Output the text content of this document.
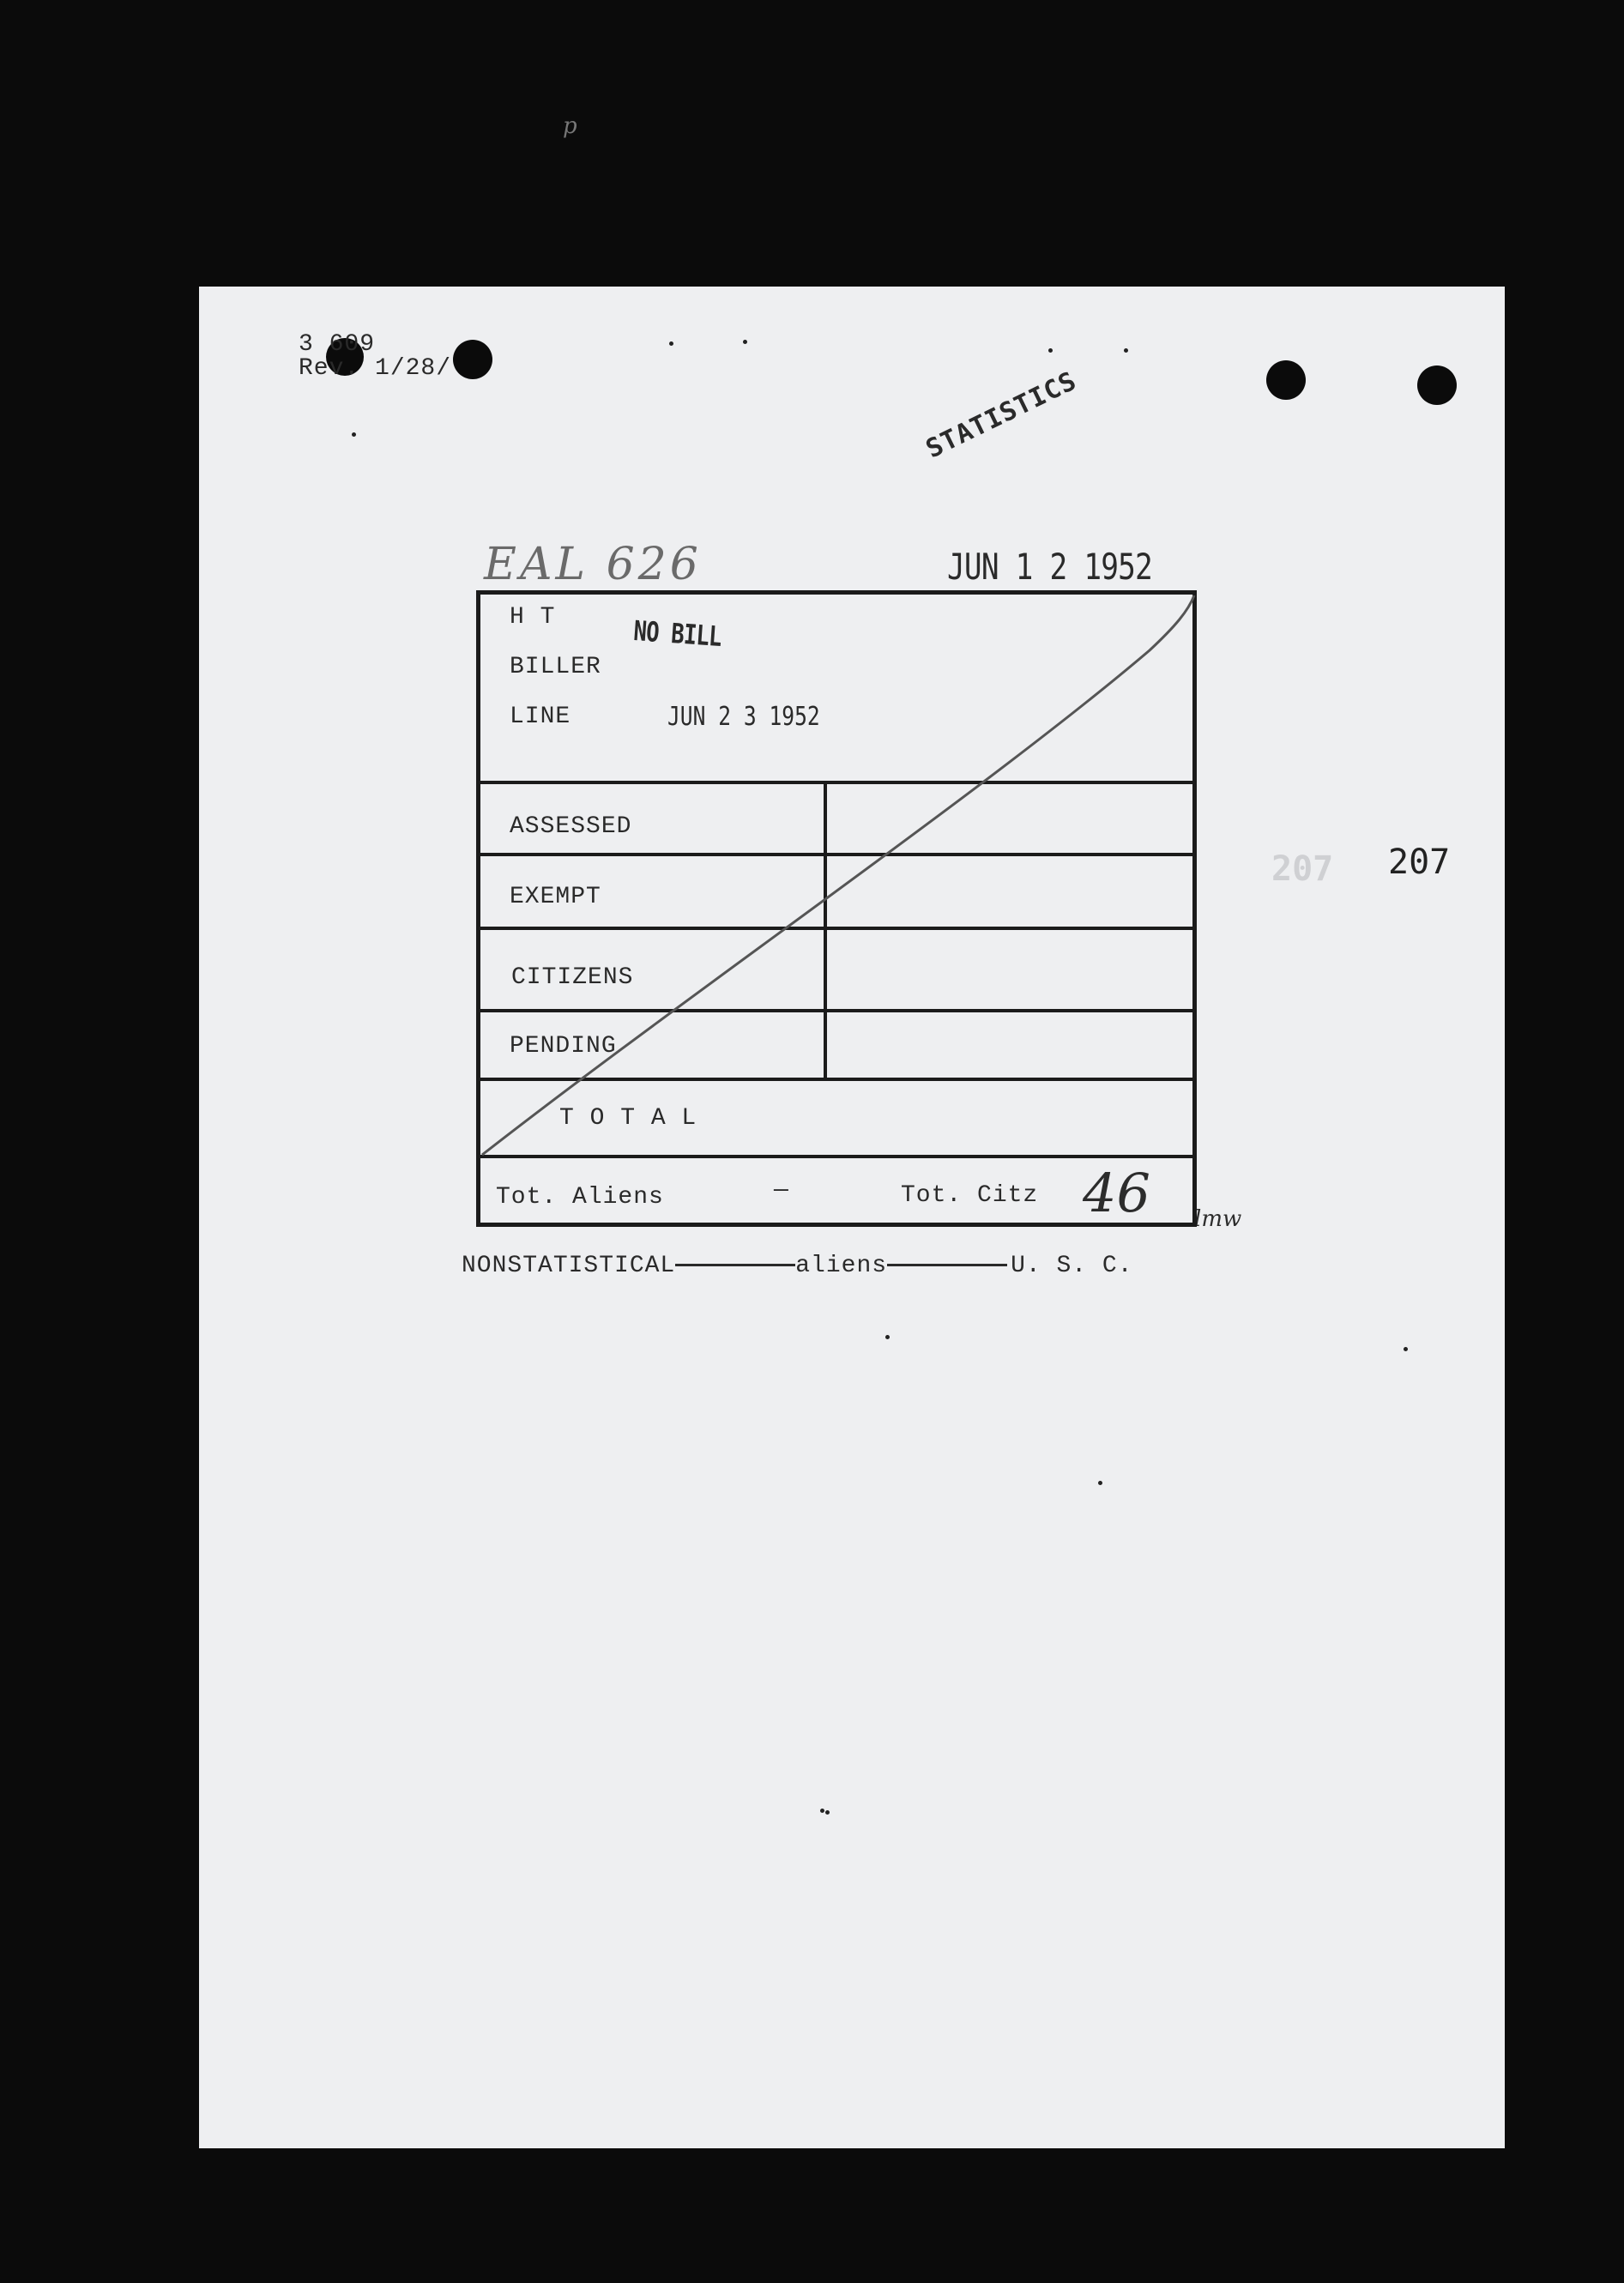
3 609
Rev. 1/28/	STATISTICS
EAL 626	JUN 1 2 1952
NO BILL
H T
BILLER
LINE	JUN 2 3 1952
ASSESSED
EXEMPT
CITIZENS
PENDING
T O T A L
Tot. Aliens	—	Tot. Citz 46 lmw
NONSTATISTICAL	aliens	U. S. C.
207 207
p
